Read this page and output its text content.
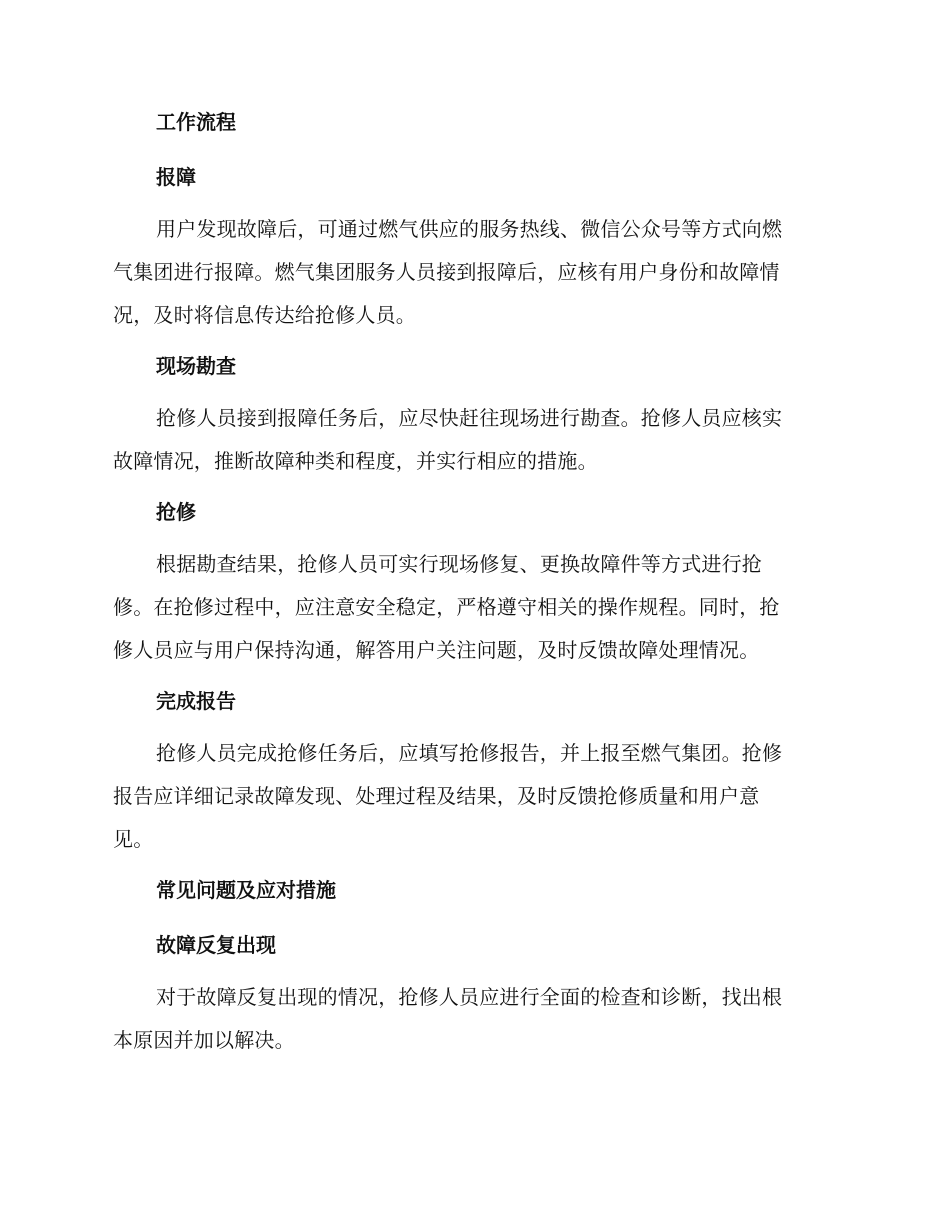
工作流程
报障
用户发现故障后，可通过燃气供应的服务热线、微信公众号等方式向燃
气集团进行报障。燃气集团服务人员接到报障后，应核有用户身份和故障情
况，及时将信息传达给抢修人员。
现场勘查
抢修人员接到报障任务后，应尽快赶往现场进行勘查。抢修人员应核实
故障情况，推断故障种类和程度，并实行相应的措施。
抢修
根据勘查结果，抢修人员可实行现场修复、更换故障件等方式进行抢
修。在抢修过程中，应注意安全稳定，严格遵守相关的操作规程。同时，抢
修人员应与用户保持沟通，解答用户关注问题，及时反馈故障处理情况。
完成报告
抢修人员完成抢修任务后，应填写抢修报告，并上报至燃气集团。抢修
报告应详细记录故障发现、处理过程及结果，及时反馈抢修质量和用户意
见。
常见问题及应对措施
故障反复出现
对于故障反复出现的情况，抢修人员应进行全面的检查和诊断，找出根
本原因并加以解决。
